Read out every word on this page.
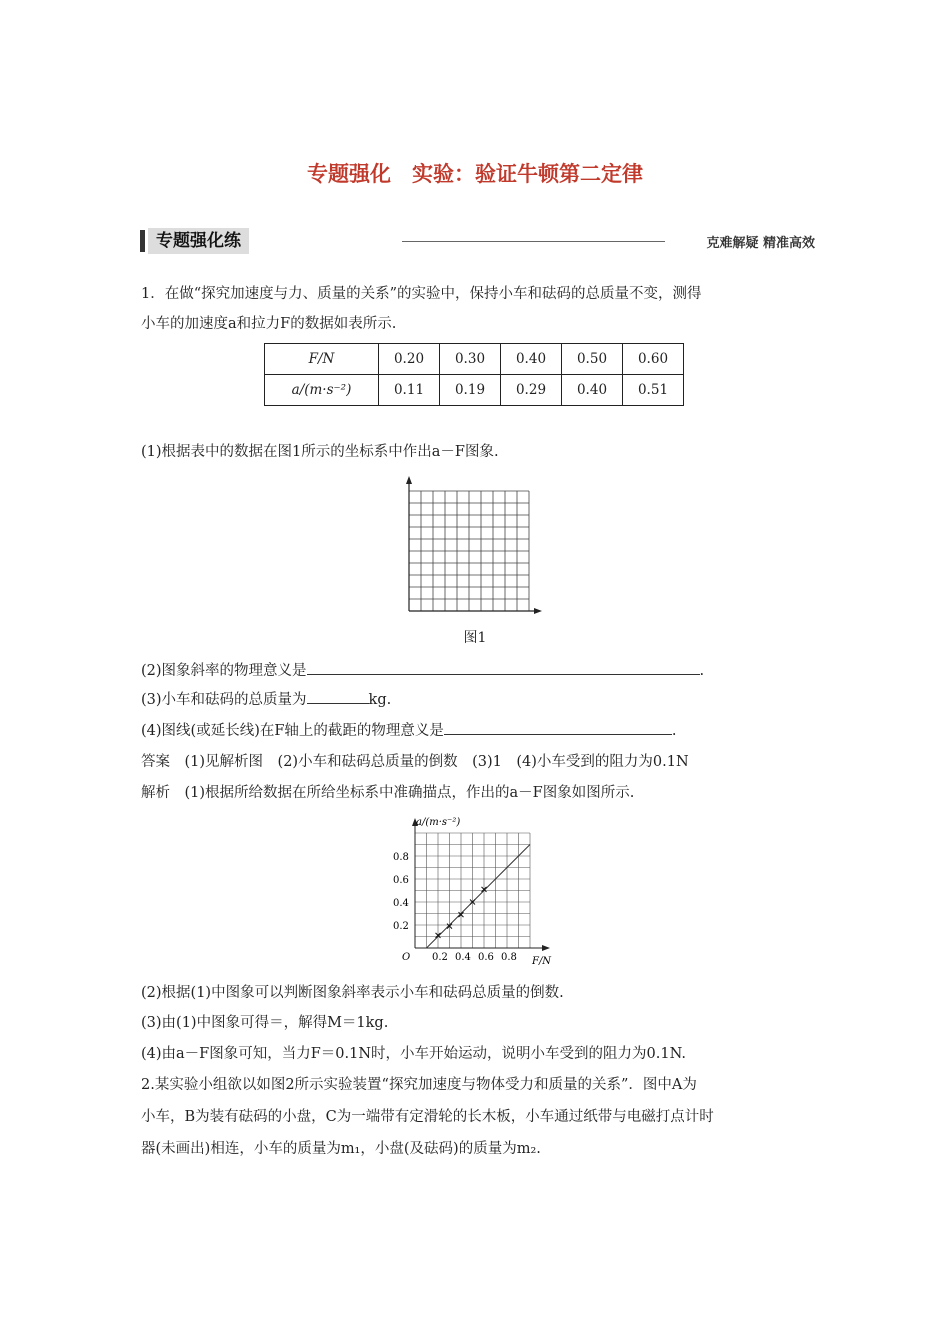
专题强化　实验：验证牛顿第二定律
专题强化练	克难解疑 精准高效
1．在做“探究加速度与力、质量的关系”的实验中，保持小车和砝码的总质量不变，测得
小车的加速度a和拉力F的数据如表所示.
F/N	0.20	0.30	0.40	0.50	0.60
a/(m·s⁻²)	0.11	0.19	0.29	0.40	0.51
(1)根据表中的数据在图1所示的坐标系中作出a－F图象.
图1
(2)图象斜率的物理意义是	.
(3)小车和砝码的总质量为	kg.
(4)图线(或延长线)在F轴上的截距的物理意义是	.
答案　(1)见解析图　(2)小车和砝码总质量的倒数　(3)1　(4)小车受到的阻力为0.1N
解析　(1)根据所给数据在所给坐标系中准确描点，作出的a－F图象如图所示.
a/(m·s⁻²)
F/N
O 0.2 0.4 0.6 0.8
0.2
0.4
0.6
0.8
(2)根据(1)中图象可以判断图象斜率表示小车和砝码总质量的倒数.
(3)由(1)中图象可得＝，解得M＝1kg.
(4)由a－F图象可知，当力F＝0.1N时，小车开始运动，说明小车受到的阻力为0.1N.
2.某实验小组欲以如图2所示实验装置“探究加速度与物体受力和质量的关系”．图中A为
小车，B为装有砝码的小盘，C为一端带有定滑轮的长木板，小车通过纸带与电磁打点计时
器(未画出)相连，小车的质量为m₁，小盘(及砝码)的质量为m₂.
